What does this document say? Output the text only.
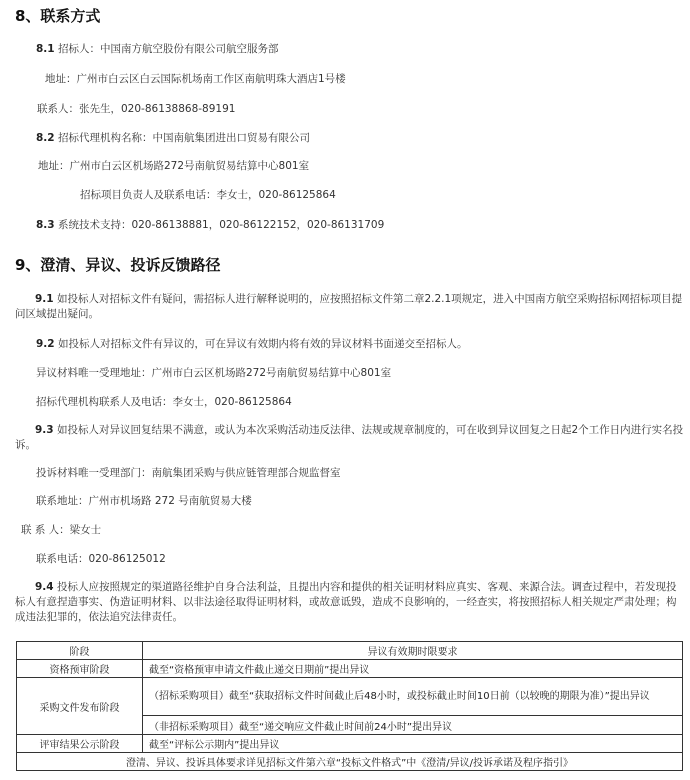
8、联系方式

8.1 招标人：中国南方航空股份有限公司航空服务部

地址：广州市白云区白云国际机场南工作区南航明珠大酒店1号楼

联系人：张先生，020-86138868-89191

8.2 招标代理机构名称：中国南航集团进出口贸易有限公司

地址：广州市白云区机场路272号南航贸易结算中心801室

招标项目负责人及联系电话：李女士，020-86125864

8.3 系统技术支持：020-86138881，020-86122152，020-86131709

9、澄清、异议、投诉反馈路径

9.1 如投标人对招标文件有疑问，需招标人进行解释说明的，应按照招标文件第二章2.2.1项规定，进入中国南方航空采购招标网招标项目提问区域提出疑问。

9.2 如投标人对招标文件有异议的，可在异议有效期内将有效的异议材料书面递交至招标人。

异议材料唯一受理地址：广州市白云区机场路272号南航贸易结算中心801室

招标代理机构联系人及电话：李女士，020-86125864

9.3 如投标人对异议回复结果不满意，或认为本次采购活动违反法律、法规或规章制度的，可在收到异议回复之日起2个工作日内进行实名投诉。

投诉材料唯一受理部门：南航集团采购与供应链管理部合规监督室

联系地址：广州市机场路 272 号南航贸易大楼

联 系 人：梁女士

联系电话：020-86125012

9.4 投标人应按照规定的渠道路径维护自身合法利益，且提出内容和提供的相关证明材料应真实、客观、来源合法。调查过程中，若发现投标人有意捏造事实、伪造证明材料、以非法途径取得证明材料，或故意诋毁，造成不良影响的，一经查实，将按照招标人相关规定严肃处理；构成违法犯罪的，依法追究法律责任。

阶段	异议有效期时限要求
资格预审阶段	截至“资格预审申请文件截止递交日期前”提出异议
采购文件发布阶段	（招标采购项目）截至“获取招标文件时间截止后48小时，或投标截止时间10日前（以较晚的期限为准）”提出异议
	（非招标采购项目）截至“递交响应文件截止时间前24小时”提出异议
评审结果公示阶段	截至“评标公示期内”提出异议
澄清、异议、投诉具体要求详见招标文件第六章“投标文件格式”中《澄清/异议/投诉承诺及程序指引》	
